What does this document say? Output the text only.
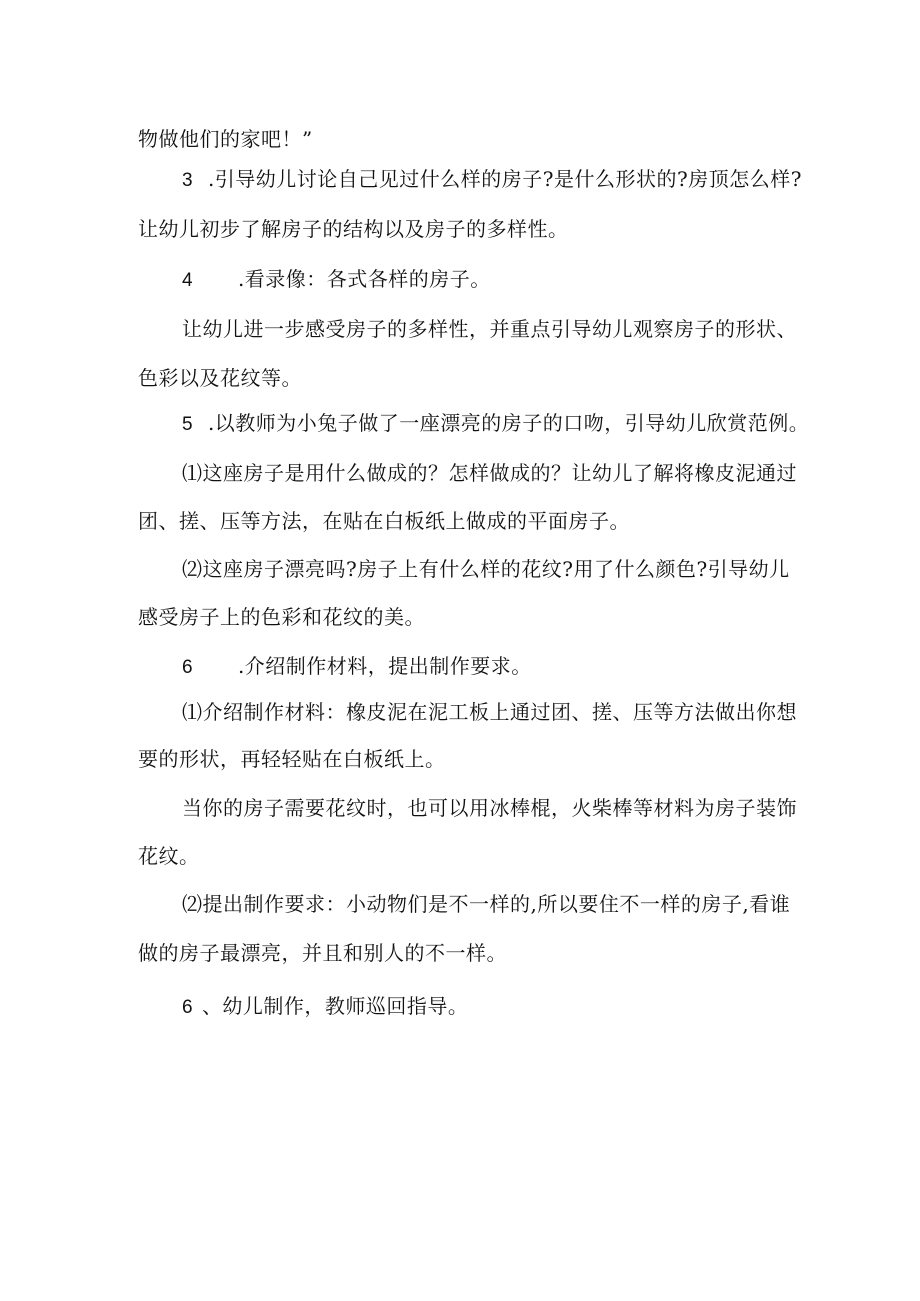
物做他们的家吧！”
3 .引导幼儿讨论自己见过什么样的房子?是什么形状的?房顶怎么样?
让幼儿初步了解房子的结构以及房子的多样性。
4 .看录像：各式各样的房子。
让幼儿进一步感受房子的多样性，并重点引导幼儿观察房子的形状、
色彩以及花纹等。
5 .以教师为小兔子做了一座漂亮的房子的口吻，引导幼儿欣赏范例。
⑴这座房子是用什么做成的？怎样做成的？让幼儿了解将橡皮泥通过
团、搓、压等方法，在贴在白板纸上做成的平面房子。
⑵这座房子漂亮吗?房子上有什么样的花纹?用了什么颜色?引导幼儿
感受房子上的色彩和花纹的美。
6 .介绍制作材料，提出制作要求。
⑴介绍制作材料：橡皮泥在泥工板上通过团、搓、压等方法做出你想
要的形状，再轻轻贴在白板纸上。
当你的房子需要花纹时，也可以用冰棒棍，火柴棒等材料为房子装饰
花纹。
⑵提出制作要求：小动物们是不一样的,所以要住不一样的房子,看谁
做的房子最漂亮，并且和别人的不一样。
6 、幼儿制作，教师巡回指导。
